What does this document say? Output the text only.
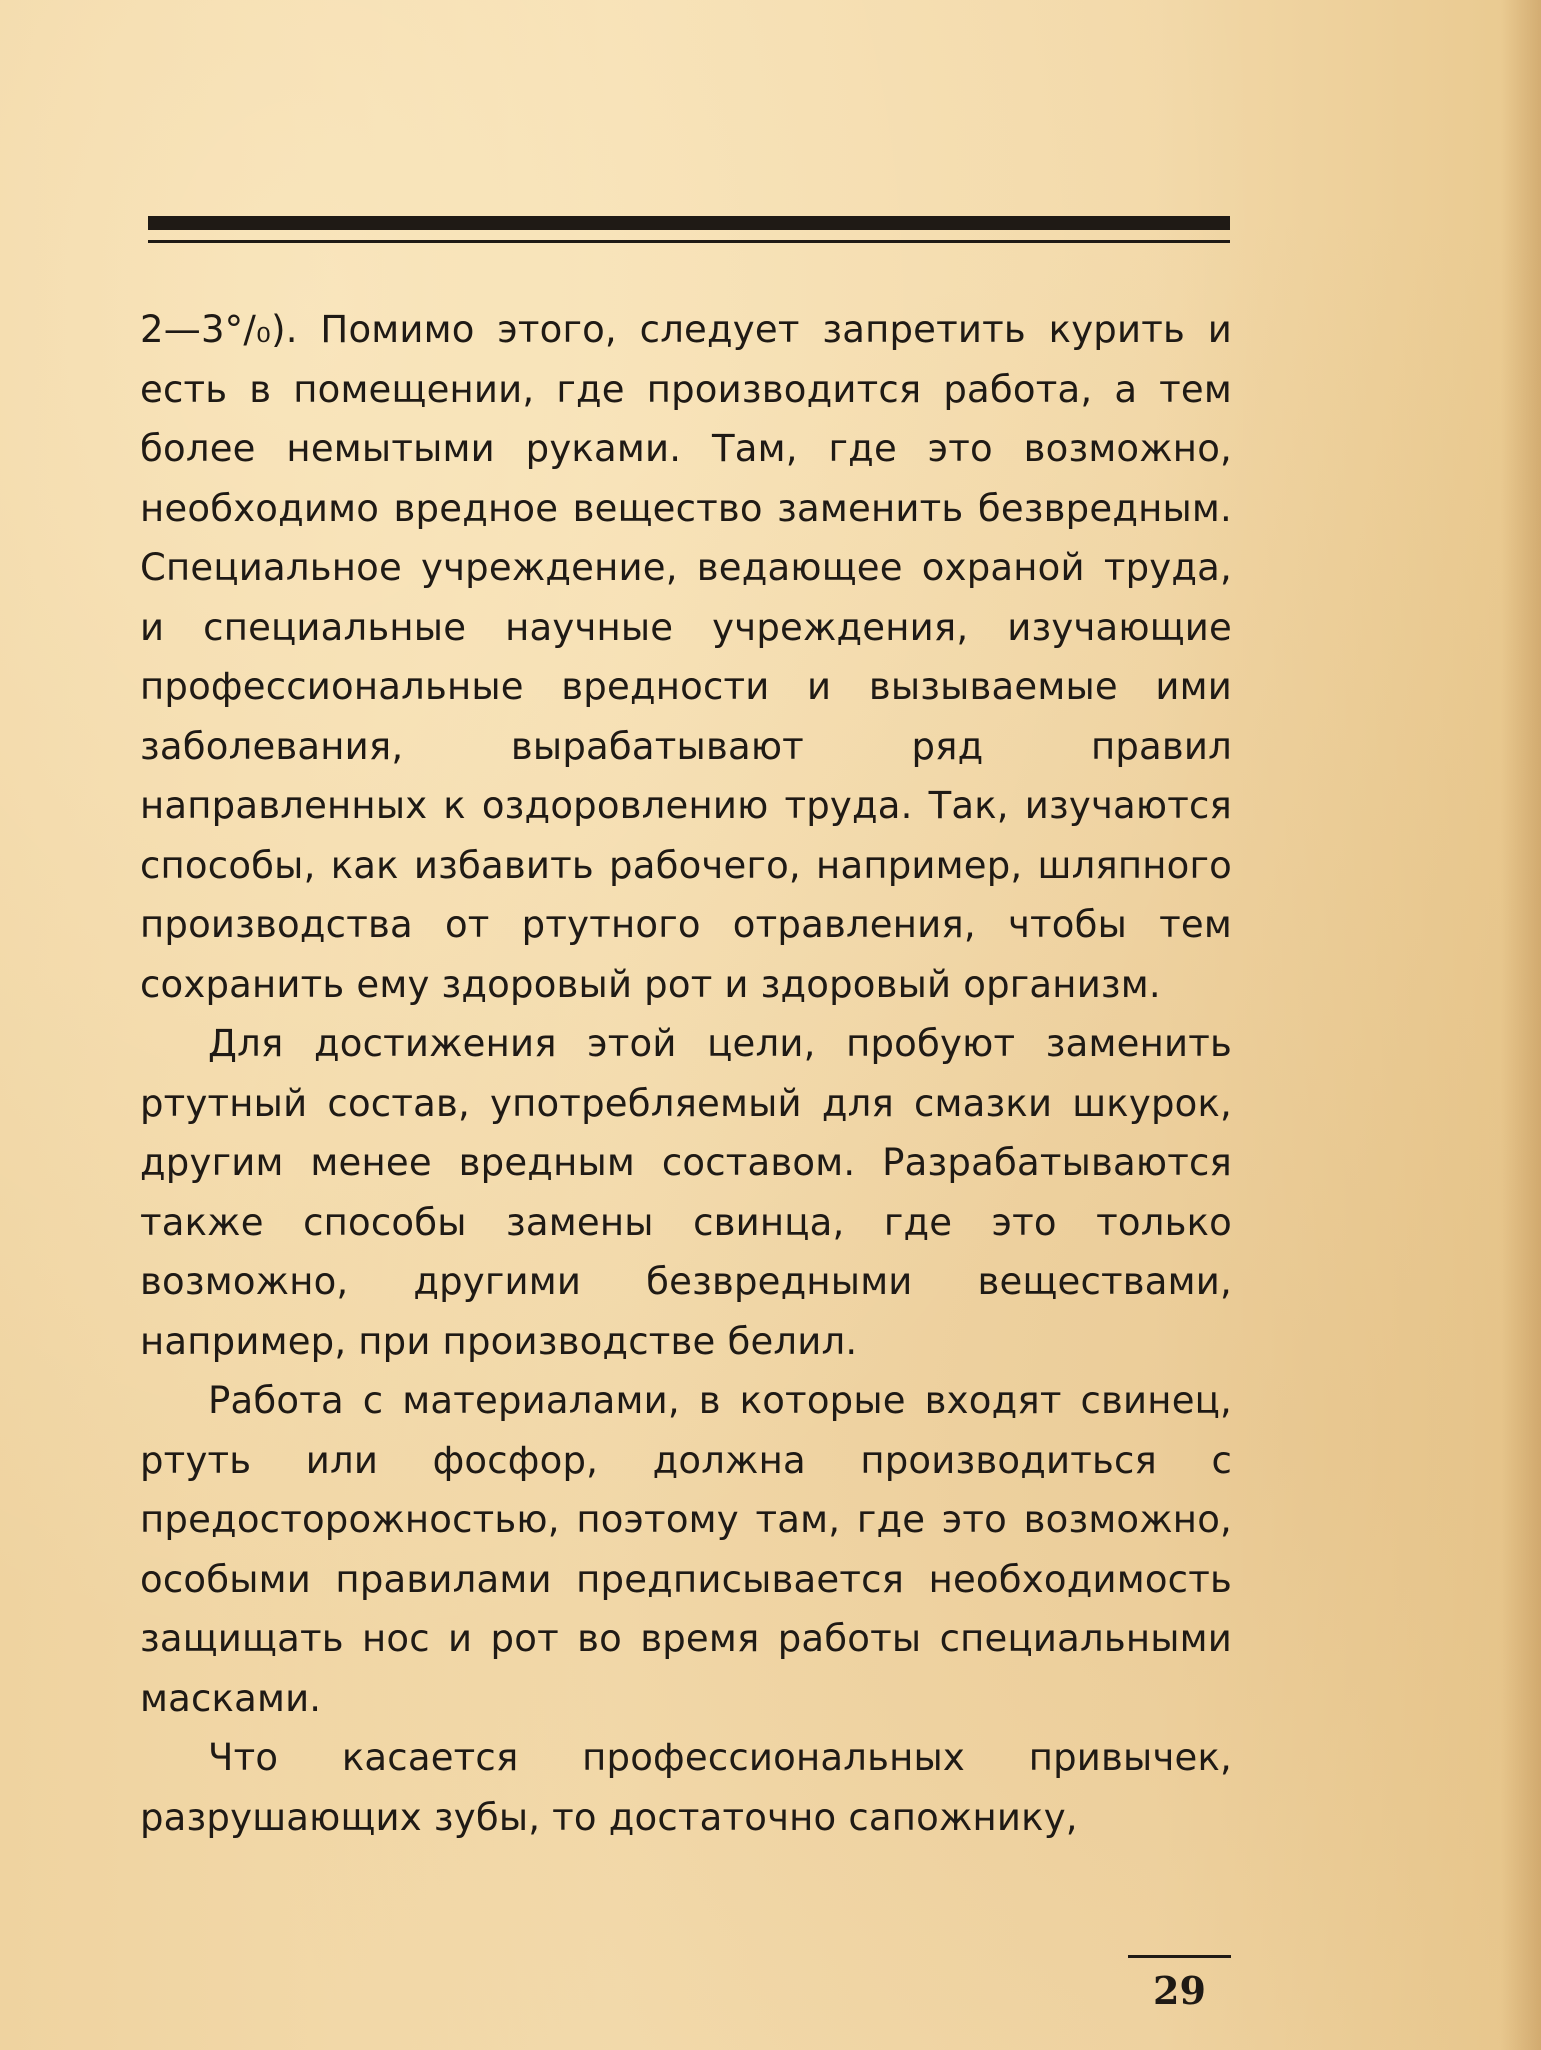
2—3°/₀). Помимо этого, следует запретить курить и есть в помещении, где производится работа, а тем более немытыми руками. Там, где это возможно, необходимо вредное вещество заменить безвредным. Специальное учреждение, ведающее охраной труда, и специальные научные учреждения, изучающие профессиональные вредности и вызываемые ими заболевания, вырабатывают ряд правил направленных к оздоровлению труда. Так, изучаются способы, как избавить рабочего, например, шляпного производства от ртутного отравления, чтобы тем сохранить ему здоровый рот и здоровый организм.

Для достижения этой цели, пробуют заменить ртутный состав, употребляемый для смазки шкурок, другим менее вредным составом. Разрабатываются также способы замены свинца, где это только возможно, другими безвредными веществами, например, при производстве белил.

Работа с материалами, в которые входят свинец, ртуть или фосфор, должна производиться с предосторожностью, поэтому там, где это возможно, особыми правилами предписывается необходимость защищать нос и рот во время работы специальными масками.

Что касается профессиональных привычек, разрушающих зубы, то достаточно сапожнику,

29
